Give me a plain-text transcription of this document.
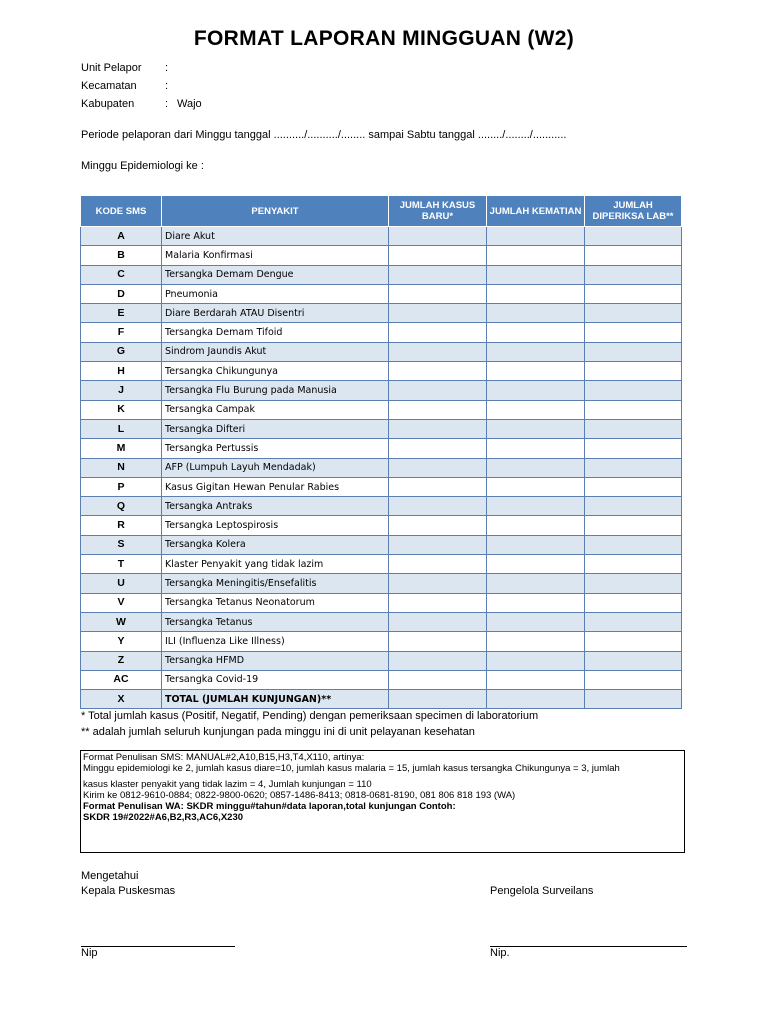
FORMAT LAPORAN MINGGUAN (W2)
Unit Pelapor :
Kecamatan	:
Kabupaten	: Wajo
Periode pelaporan dari Minggu tanggal ........../........../........ sampai Sabtu tanggal ......../......../...........
Minggu Epidemiologi ke :
KODE SMS	PENYAKIT	JUMLAH KASUS BARU*	JUMLAH KEMATIAN	JUMLAH DIPERIKSA LAB**
A	Diare Akut			
B	Malaria Konfirmasi			
C	Tersangka Demam Dengue			
D	Pneumonia			
E	Diare Berdarah ATAU Disentri			
F	Tersangka Demam Tifoid			
G	Sindrom Jaundis Akut			
H	Tersangka Chikungunya			
J	Tersangka Flu Burung pada Manusia			
K	Tersangka Campak			
L	Tersangka Difteri			
M	Tersangka Pertussis			
N	AFP (Lumpuh Layuh Mendadak)			
P	Kasus Gigitan Hewan Penular Rabies			
Q	Tersangka Antraks			
R	Tersangka Leptospirosis			
S	Tersangka Kolera			
T	Klaster Penyakit yang tidak lazim			
U	Tersangka Meningitis/Ensefalitis			
V	Tersangka Tetanus Neonatorum			
W	Tersangka Tetanus			
Y	ILI (Influenza Like Illness)			
Z	Tersangka HFMD			
AC	Tersangka Covid-19			
X	TOTAL (JUMLAH KUNJUNGAN)**			
* Total jumlah kasus (Positif, Negatif, Pending) dengan pemeriksaan specimen di laboratorium
** adalah jumlah seluruh kunjungan pada minggu ini di unit pelayanan kesehatan
Format Penulisan SMS: MANUAL#2,A10,B15,H3,T4,X110, artinya:
Minggu epidemiologi ke 2, jumlah kasus diare=10, jumlah kasus malaria = 15, jumlah kasus tersangka Chikungunya = 3, jumlah
kasus klaster penyakit yang tidak lazim = 4, Jumlah kunjungan = 110
Kirim ke 0812-9610-0884; 0822-9800-0620; 0857-1486-8413; 0818-0681-8190, 081 806 818 193 (WA)
Format Penulisan WA: SKDR minggu#tahun#data laporan,total kunjungan Contoh:
SKDR 19#2022#A6,B2,R3,AC6,X230
Mengetahui
Kepala Puskesmas	Pengelola Surveilans
Nip	Nip.
